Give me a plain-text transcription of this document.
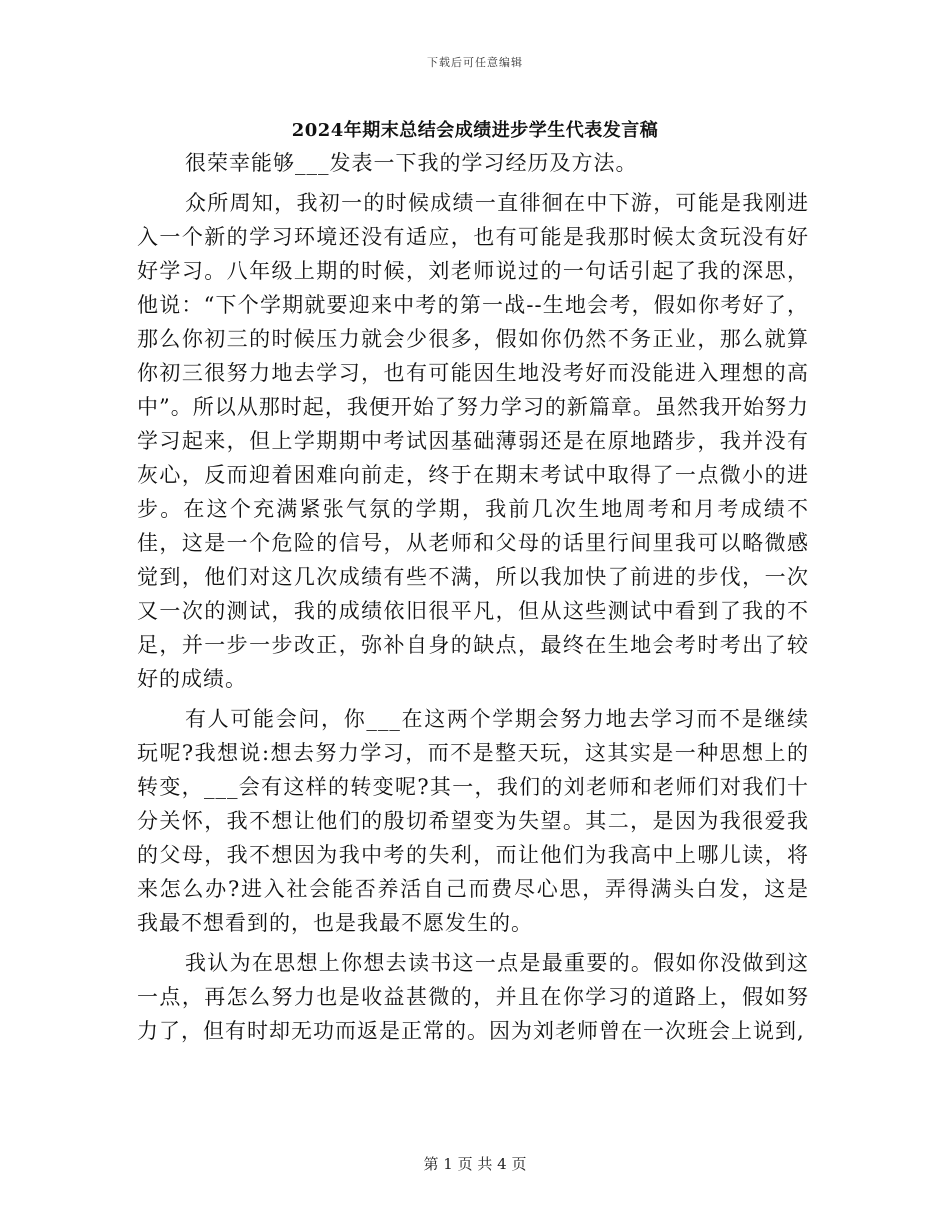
下载后可任意编辑
2024年期末总结会成绩进步学生代表发言稿

很荣幸能够___发表一下我的学习经历及方法。

众所周知，我初一的时候成绩一直徘徊在中下游，可能是我刚进入一个新的学习环境还没有适应，也有可能是我那时候太贪玩没有好好学习。八年级上期的时候，刘老师说过的一句话引起了我的深思，他说：“下个学期就要迎来中考的第一战--生地会考，假如你考好了，那么你初三的时候压力就会少很多，假如你仍然不务正业，那么就算你初三很努力地去学习，也有可能因生地没考好而没能进入理想的高中”。所以从那时起，我便开始了努力学习的新篇章。虽然我开始努力学习起来，但上学期期中考试因基础薄弱还是在原地踏步，我并没有灰心，反而迎着困难向前走，终于在期末考试中取得了一点微小的进步。在这个充满紧张气氛的学期，我前几次生地周考和月考成绩不佳，这是一个危险的信号，从老师和父母的话里行间里我可以略微感觉到，他们对这几次成绩有些不满，所以我加快了前进的步伐，一次又一次的测试，我的成绩依旧很平凡，但从这些测试中看到了我的不足，并一步一步改正，弥补自身的缺点，最终在生地会考时考出了较好的成绩。

有人可能会问，你___在这两个学期会努力地去学习而不是继续玩呢?我想说:想去努力学习，而不是整天玩，这其实是一种思想上的转变，___会有这样的转变呢?其一，我们的刘老师和老师们对我们十分关怀，我不想让他们的殷切希望变为失望。其二，是因为我很爱我的父母，我不想因为我中考的失利，而让他们为我高中上哪儿读，将来怎么办?进入社会能否养活自己而费尽心思，弄得满头白发，这是我最不想看到的，也是我最不愿发生的。

我认为在思想上你想去读书这一点是最重要的。假如你没做到这一点，再怎么努力也是收益甚微的，并且在你学习的道路上，假如努力了，但有时却无功而返是正常的。因为刘老师曾在一次班会上说到,

第 1 页 共 4 页
